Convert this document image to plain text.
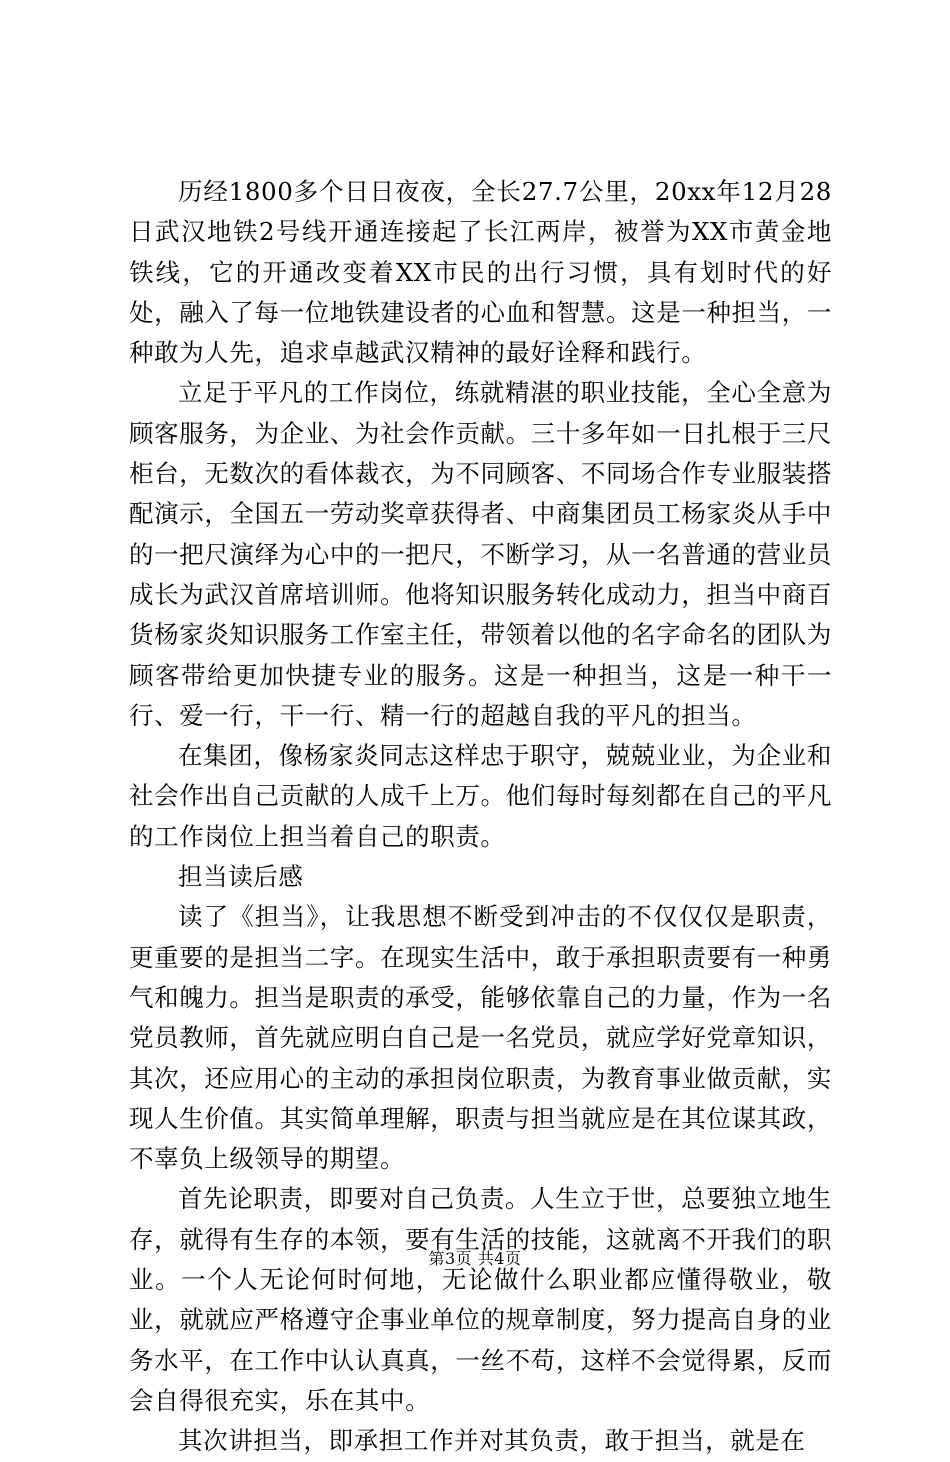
历经1800多个日日夜夜，全长27.7公里，20xx年12月28日武汉地铁2号线开通连接起了长江两岸，被誉为XX市黄金地铁线，它的开通改变着XX市民的出行习惯，具有划时代的好处，融入了每一位地铁建设者的心血和智慧。这是一种担当，一种敢为人先，追求卓越武汉精神的最好诠释和践行。

立足于平凡的工作岗位，练就精湛的职业技能，全心全意为顾客服务，为企业、为社会作贡献。三十多年如一日扎根于三尺柜台，无数次的看体裁衣，为不同顾客、不同场合作专业服装搭配演示，全国五一劳动奖章获得者、中商集团员工杨家炎从手中的一把尺演绎为心中的一把尺，不断学习，从一名普通的营业员成长为武汉首席培训师。他将知识服务转化成动力，担当中商百货杨家炎知识服务工作室主任，带领着以他的名字命名的团队为顾客带给更加快捷专业的服务。这是一种担当，这是一种干一行、爱一行，干一行、精一行的超越自我的平凡的担当。

在集团，像杨家炎同志这样忠于职守，兢兢业业，为企业和社会作出自己贡献的人成千上万。他们每时每刻都在自己的平凡的工作岗位上担当着自己的职责。

担当读后感

读了《担当》，让我思想不断受到冲击的不仅仅仅是职责，更重要的是担当二字。在现实生活中，敢于承担职责要有一种勇气和魄力。担当是职责的承受，能够依靠自己的力量，作为一名党员教师，首先就应明白自己是一名党员，就应学好党章知识，其次，还应用心的主动的承担岗位职责，为教育事业做贡献，实现人生价值。其实简单理解，职责与担当就应是在其位谋其政，不辜负上级领导的期望。

首先论职责，即要对自己负责。人生立于世，总要独立地生存，就得有生存的本领，要有生活的技能，这就离不开我们的职业。一个人无论何时何地，无论做什么职业都应懂得敬业，敬业，就就应严格遵守企事业单位的规章制度，努力提高自身的业务水平，在工作中认认真真，一丝不苟，这样不会觉得累，反而会自得很充实，乐在其中。

其次讲担当，即承担工作并对其负责，敢于担当，就是在

第3页 共4页
